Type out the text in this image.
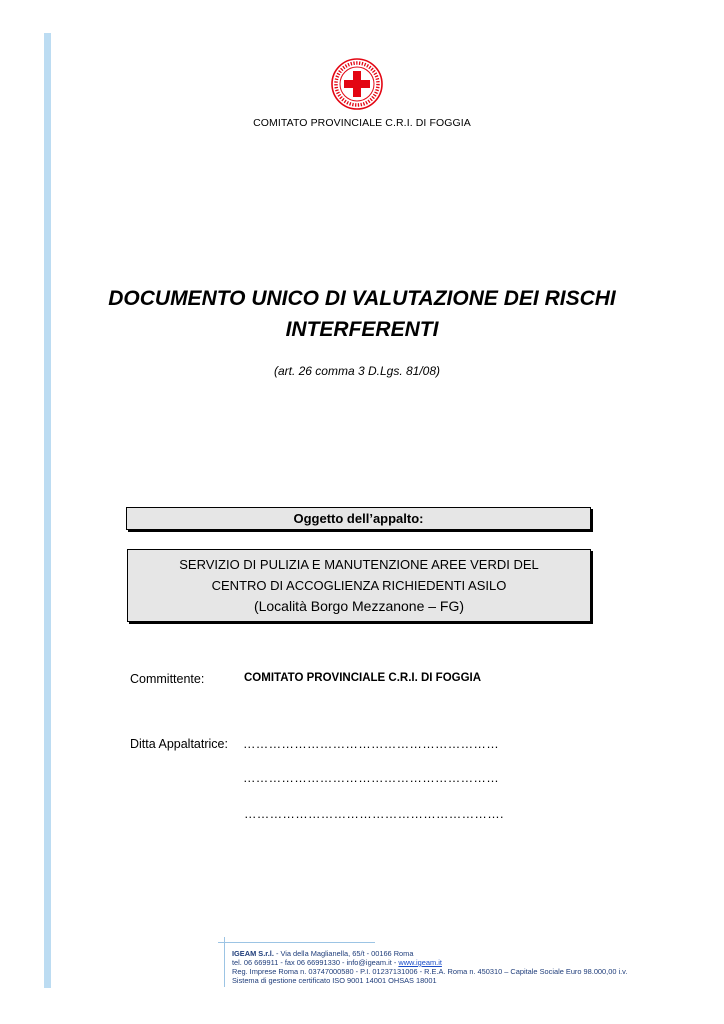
COMITATO PROVINCIALE C.R.I. DI FOGGIA
DOCUMENTO UNICO DI VALUTAZIONE DEI RISCHI
INTERFERENTI
(art. 26 comma 3 D.Lgs. 81/08)
Oggetto dell’appalto:
SERVIZIO DI PULIZIA E MANUTENZIONE AREE VERDI DEL
CENTRO DI ACCOGLIENZA RICHIEDENTI ASILO
(Località Borgo Mezzanone – FG)
Committente:	COMITATO PROVINCIALE C.R.I. DI FOGGIA
Ditta Appaltatrice: ……………………………………………………
……………………………………………………
…………………………………………………….
IGEAM S.r.l. - Via della Maglianella, 65/t - 00166 Roma
tel. 06 669911 - fax 06 66991330 - info@igeam.it - www.igeam.it
Reg. Imprese Roma n. 03747000580 - P.I. 01237131006 - R.E.A. Roma n. 450310 – Capitale Sociale Euro 98.000,00 i.v.
Sistema di gestione certificato ISO 9001 14001 OHSAS 18001
